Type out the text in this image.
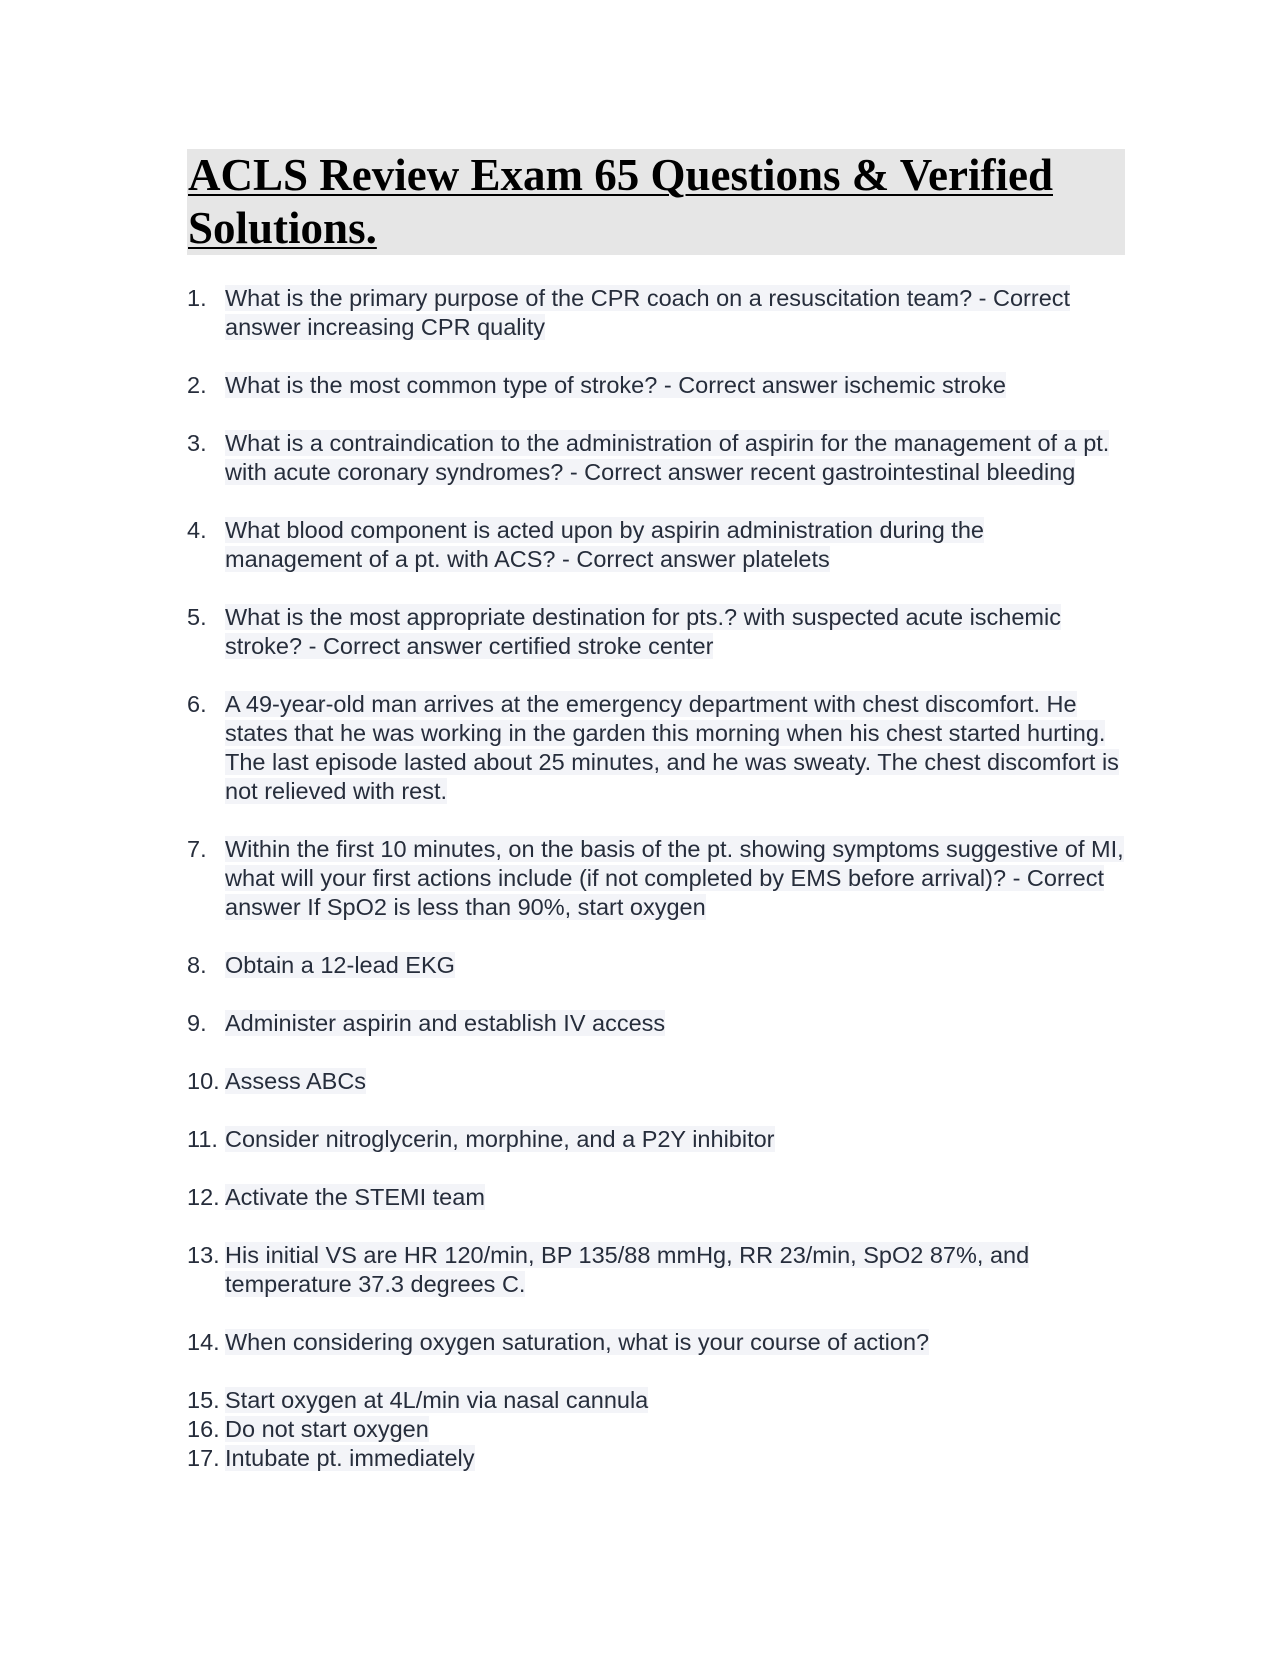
ACLS Review Exam 65 Questions & Verified Solutions.
1. What is the primary purpose of the CPR coach on a resuscitation team? - Correct answer increasing CPR quality
2. What is the most common type of stroke? - Correct answer ischemic stroke
3. What is a contraindication to the administration of aspirin for the management of a pt. with acute coronary syndromes? - Correct answer recent gastrointestinal bleeding
4. What blood component is acted upon by aspirin administration during the management of a pt. with ACS? - Correct answer platelets
5. What is the most appropriate destination for pts.? with suspected acute ischemic stroke? - Correct answer certified stroke center
6. A 49-year-old man arrives at the emergency department with chest discomfort. He states that he was working in the garden this morning when his chest started hurting. The last episode lasted about 25 minutes, and he was sweaty. The chest discomfort is not relieved with rest.
7. Within the first 10 minutes, on the basis of the pt. showing symptoms suggestive of MI, what will your first actions include (if not completed by EMS before arrival)? - Correct answer If SpO2 is less than 90%, start oxygen
8. Obtain a 12-lead EKG
9. Administer aspirin and establish IV access
10. Assess ABCs
11. Consider nitroglycerin, morphine, and a P2Y inhibitor
12. Activate the STEMI team
13. His initial VS are HR 120/min, BP 135/88 mmHg, RR 23/min, SpO2 87%, and temperature 37.3 degrees C.
14. When considering oxygen saturation, what is your course of action?
15. Start oxygen at 4L/min via nasal cannula
16. Do not start oxygen
17. Intubate pt. immediately
